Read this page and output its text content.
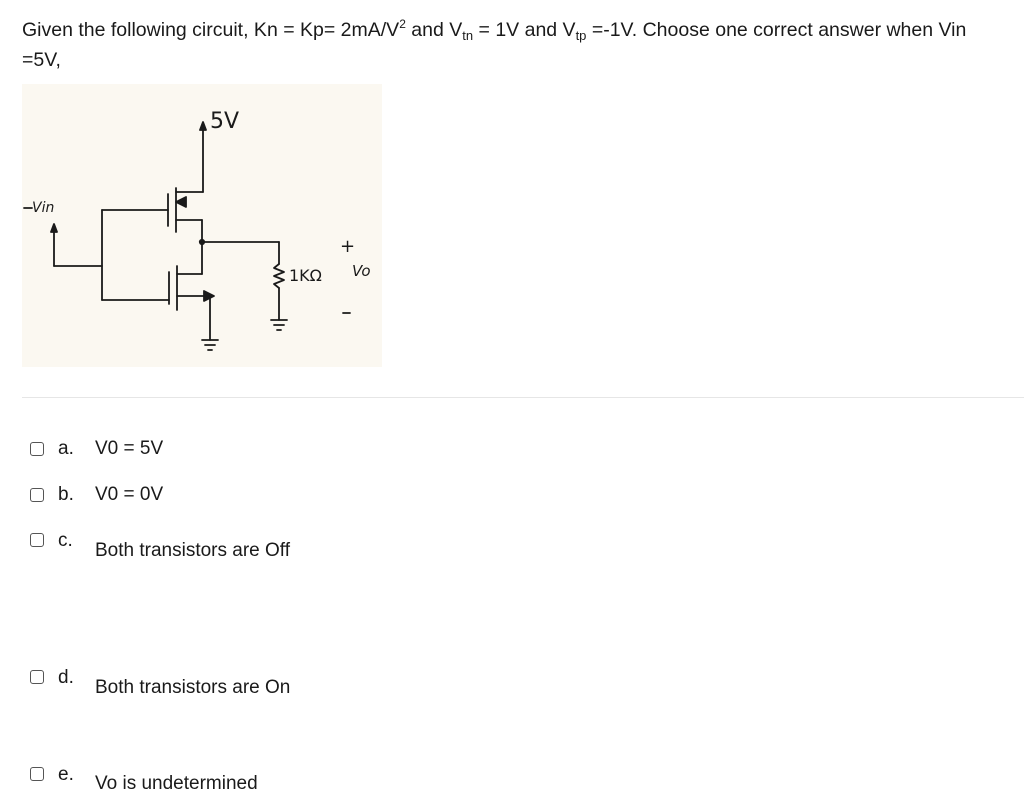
Given the following circuit, $Kn = Kp= 2mA/V^2$ and $V_{tn} = 1V$ and $V_{tp} =-1V$. Choose one correct answer when Vin
=5V,
5V
Vin
1KΩ Vo
+
-
a. V0 = 5V
b. V0 = 0V
c. Both transistors are Off
d. Both transistors are On
e. Vo is undetermined
